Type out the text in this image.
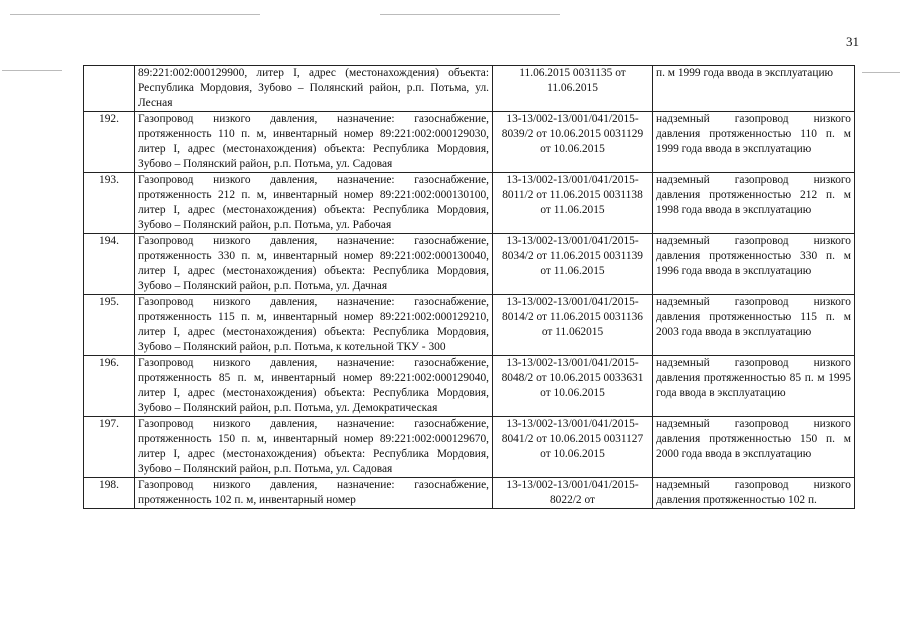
31
	89:221:002:000129900, литер I, адрес (местонахождения) объекта: Республика Мордовия, Зубово – Полянский район, р.п. Потьма, ул. Лесная	11.06.2015 0031135 от 11.06.2015	п. м 1999 года ввода в эксплуатацию
192.	Газопровод низкого давления, назначение: газоснабжение, протяженность 110 п. м, инвентарный номер 89:221:002:000129030, литер I, адрес (местонахождения) объекта: Республика Мордовия, Зубово – Полянский район, р.п. Потьма, ул. Садовая	13-13/002-13/001/041/2015-8039/2 от 10.06.2015 0031129 от 10.06.2015	надземный газопровод низкого давления протяженностью 110 п. м 1999 года ввода в эксплуатацию
193.	Газопровод низкого давления, назначение: газоснабжение, протяженность 212 п. м, инвентарный номер 89:221:002:000130100, литер I, адрес (местонахождения) объекта: Республика Мордовия, Зубово – Полянский район, р.п. Потьма, ул. Рабочая	13-13/002-13/001/041/2015-8011/2 от 11.06.2015 0031138 от 11.06.2015	надземный газопровод низкого давления протяженностью 212 п. м 1998 года ввода в эксплуатацию
194.	Газопровод низкого давления, назначение: газоснабжение, протяженность 330 п. м, инвентарный номер 89:221:002:000130040, литер I, адрес (местонахождения) объекта: Республика Мордовия, Зубово – Полянский район, р.п. Потьма, ул. Дачная	13-13/002-13/001/041/2015-8034/2 от 11.06.2015 0031139 от 11.06.2015	надземный газопровод низкого давления протяженностью 330 п. м 1996 года ввода в эксплуатацию
195.	Газопровод низкого давления, назначение: газоснабжение, протяженность 115 п. м, инвентарный номер 89:221:002:000129210, литер I, адрес (местонахождения) объекта: Республика Мордовия, Зубово – Полянский район, р.п. Потьма, к котельной ТКУ - 300	13-13/002-13/001/041/2015-8014/2 от 11.06.2015 0031136 от 11.062015	надземный газопровод низкого давления протяженностью 115 п. м 2003 года ввода в эксплуатацию
196.	Газопровод низкого давления, назначение: газоснабжение, протяженность 85 п. м, инвентарный номер 89:221:002:000129040, литер I, адрес (местонахождения) объекта: Республика Мордовия, Зубово – Полянский район, р.п. Потьма, ул. Демократическая	13-13/002-13/001/041/2015-8048/2 от 10.06.2015 0033631 от 10.06.2015	надземный газопровод низкого давления протяженностью 85 п. м 1995 года ввода в эксплуатацию
197.	Газопровод низкого давления, назначение: газоснабжение, протяженность 150 п. м, инвентарный номер 89:221:002:000129670, литер I, адрес (местонахождения) объекта: Республика Мордовия, Зубово – Полянский район, р.п. Потьма, ул. Садовая	13-13/002-13/001/041/2015-8041/2 от 10.06.2015 0031127 от 10.06.2015	надземный газопровод низкого давления протяженностью 150 п. м 2000 года ввода в эксплуатацию
198.	Газопровод низкого давления, назначение: газоснабжение, протяженность 102 п. м, инвентарный номер	13-13/002-13/001/041/2015-8022/2 от	надземный газопровод низкого давления протяженностью 102 п.
